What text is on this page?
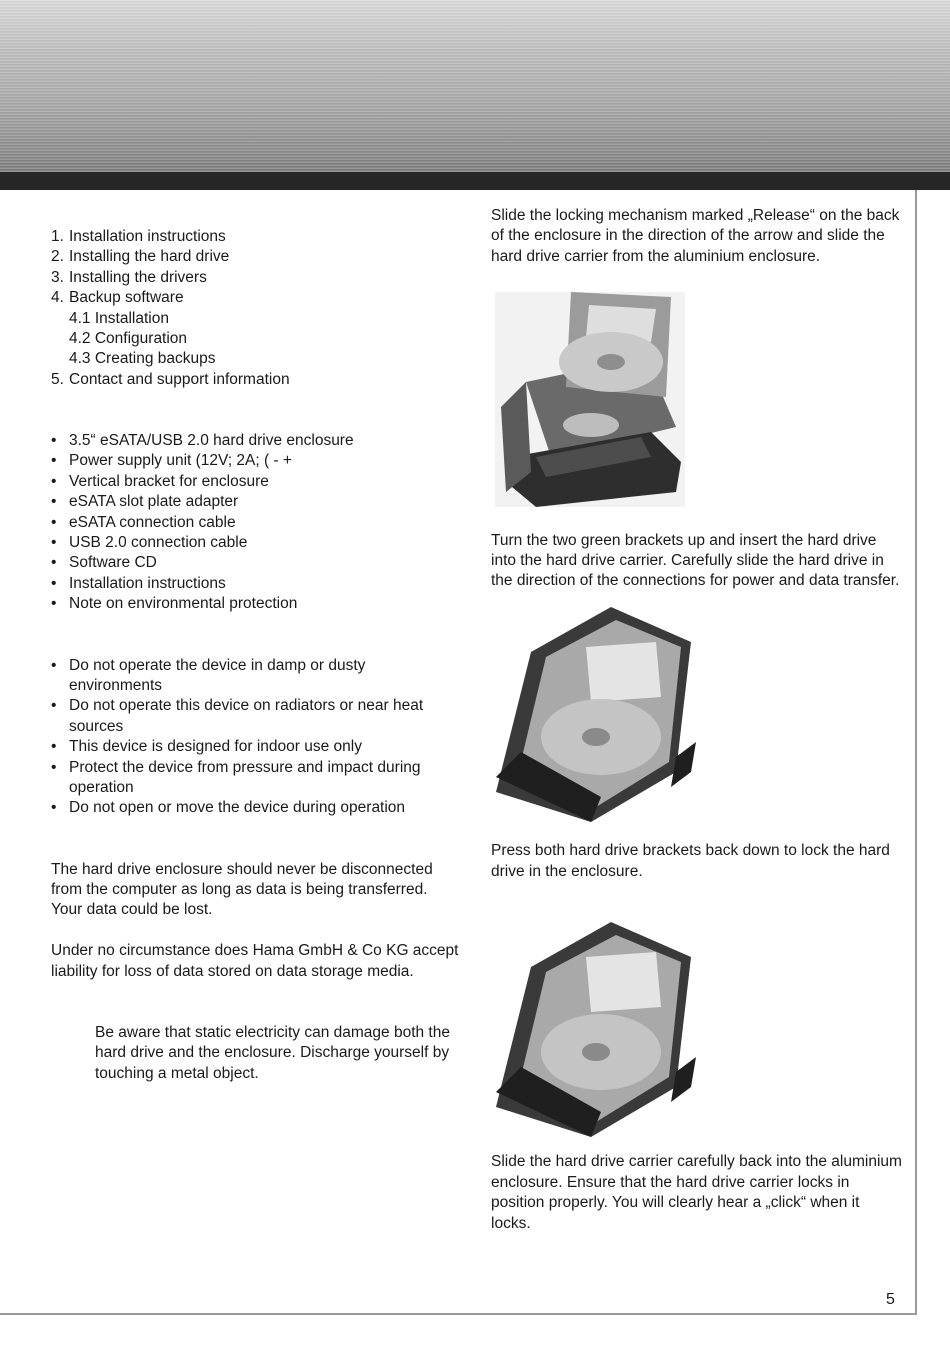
1. Installation instructions
2. Installing the hard drive
3. Installing the drivers
4. Backup software
4.1 Installation
4.2 Configuration
4.3 Creating backups
5. Contact and support information
• 3.5“ eSATA/USB 2.0 hard drive enclosure
• Power supply unit (12V; 2A; ( - +
• Vertical bracket for enclosure
• eSATA slot plate adapter
• eSATA connection cable
• USB 2.0 connection cable
• Software CD
• Installation instructions
• Note on environmental protection
• Do not operate the device in damp or dusty environments
• Do not operate this device on radiators or near heat sources
• This device is designed for indoor use only
• Protect the device from pressure and impact during operation
• Do not open or move the device during operation

The hard drive enclosure should never be disconnected from the computer as long as data is being transferred. Your data could be lost.

Under no circumstance does Hama GmbH & Co KG accept liability for loss of data stored on data storage media.

Be aware that static electricity can damage both the hard drive and the enclosure. Discharge yourself by touching a metal object.

Slide the locking mechanism marked „Release“ on the back of the enclosure in the direction of the arrow and slide the hard drive carrier from the aluminium enclosure.

Turn the two green brackets up and insert the hard drive into the hard drive carrier. Carefully slide the hard drive in the direction of the connections for power and data transfer.

Press both hard drive brackets back down to lock the hard drive in the enclosure.

Slide the hard drive carrier carefully back into the aluminium enclosure. Ensure that the hard drive carrier locks in position properly. You will clearly hear a „click“ when it locks.

5
